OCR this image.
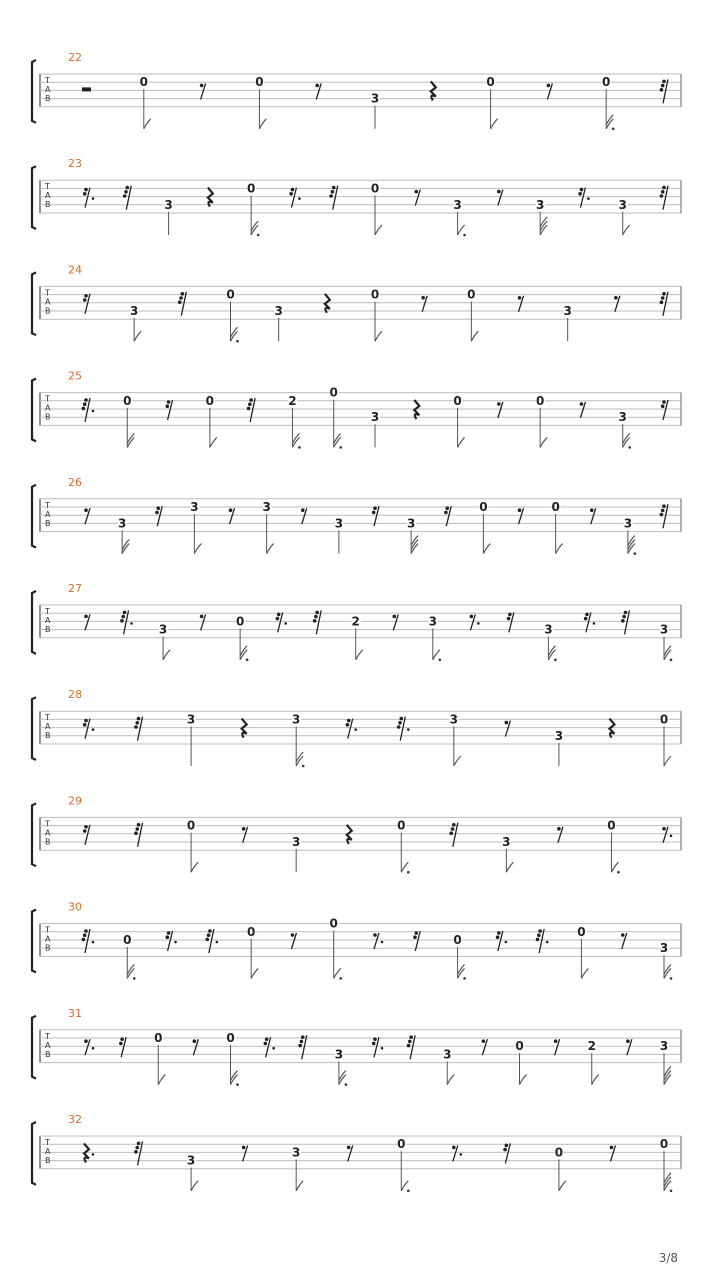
T
A
B
22
0	0
3
0	0
T
A
B
23
3
0	0
3	3	3
T
A
B
24
3
0
3
0	0
3
T
A
B
25
0	0	2
0
3
0	0
3
T
A
B
26
3
3	3
3	3
0	0
3
T
A
B
27
3
0	2	3
3	3
T
A
B
28
3	3	3
3
0
T
A
B
29
0
3
0
3
0
T
A
B
30
0
0
0
0
0
3
T
A
B
31
0	0
3	3
0	2	3
T
A
B
32
3
3
0
0
0
3/8
